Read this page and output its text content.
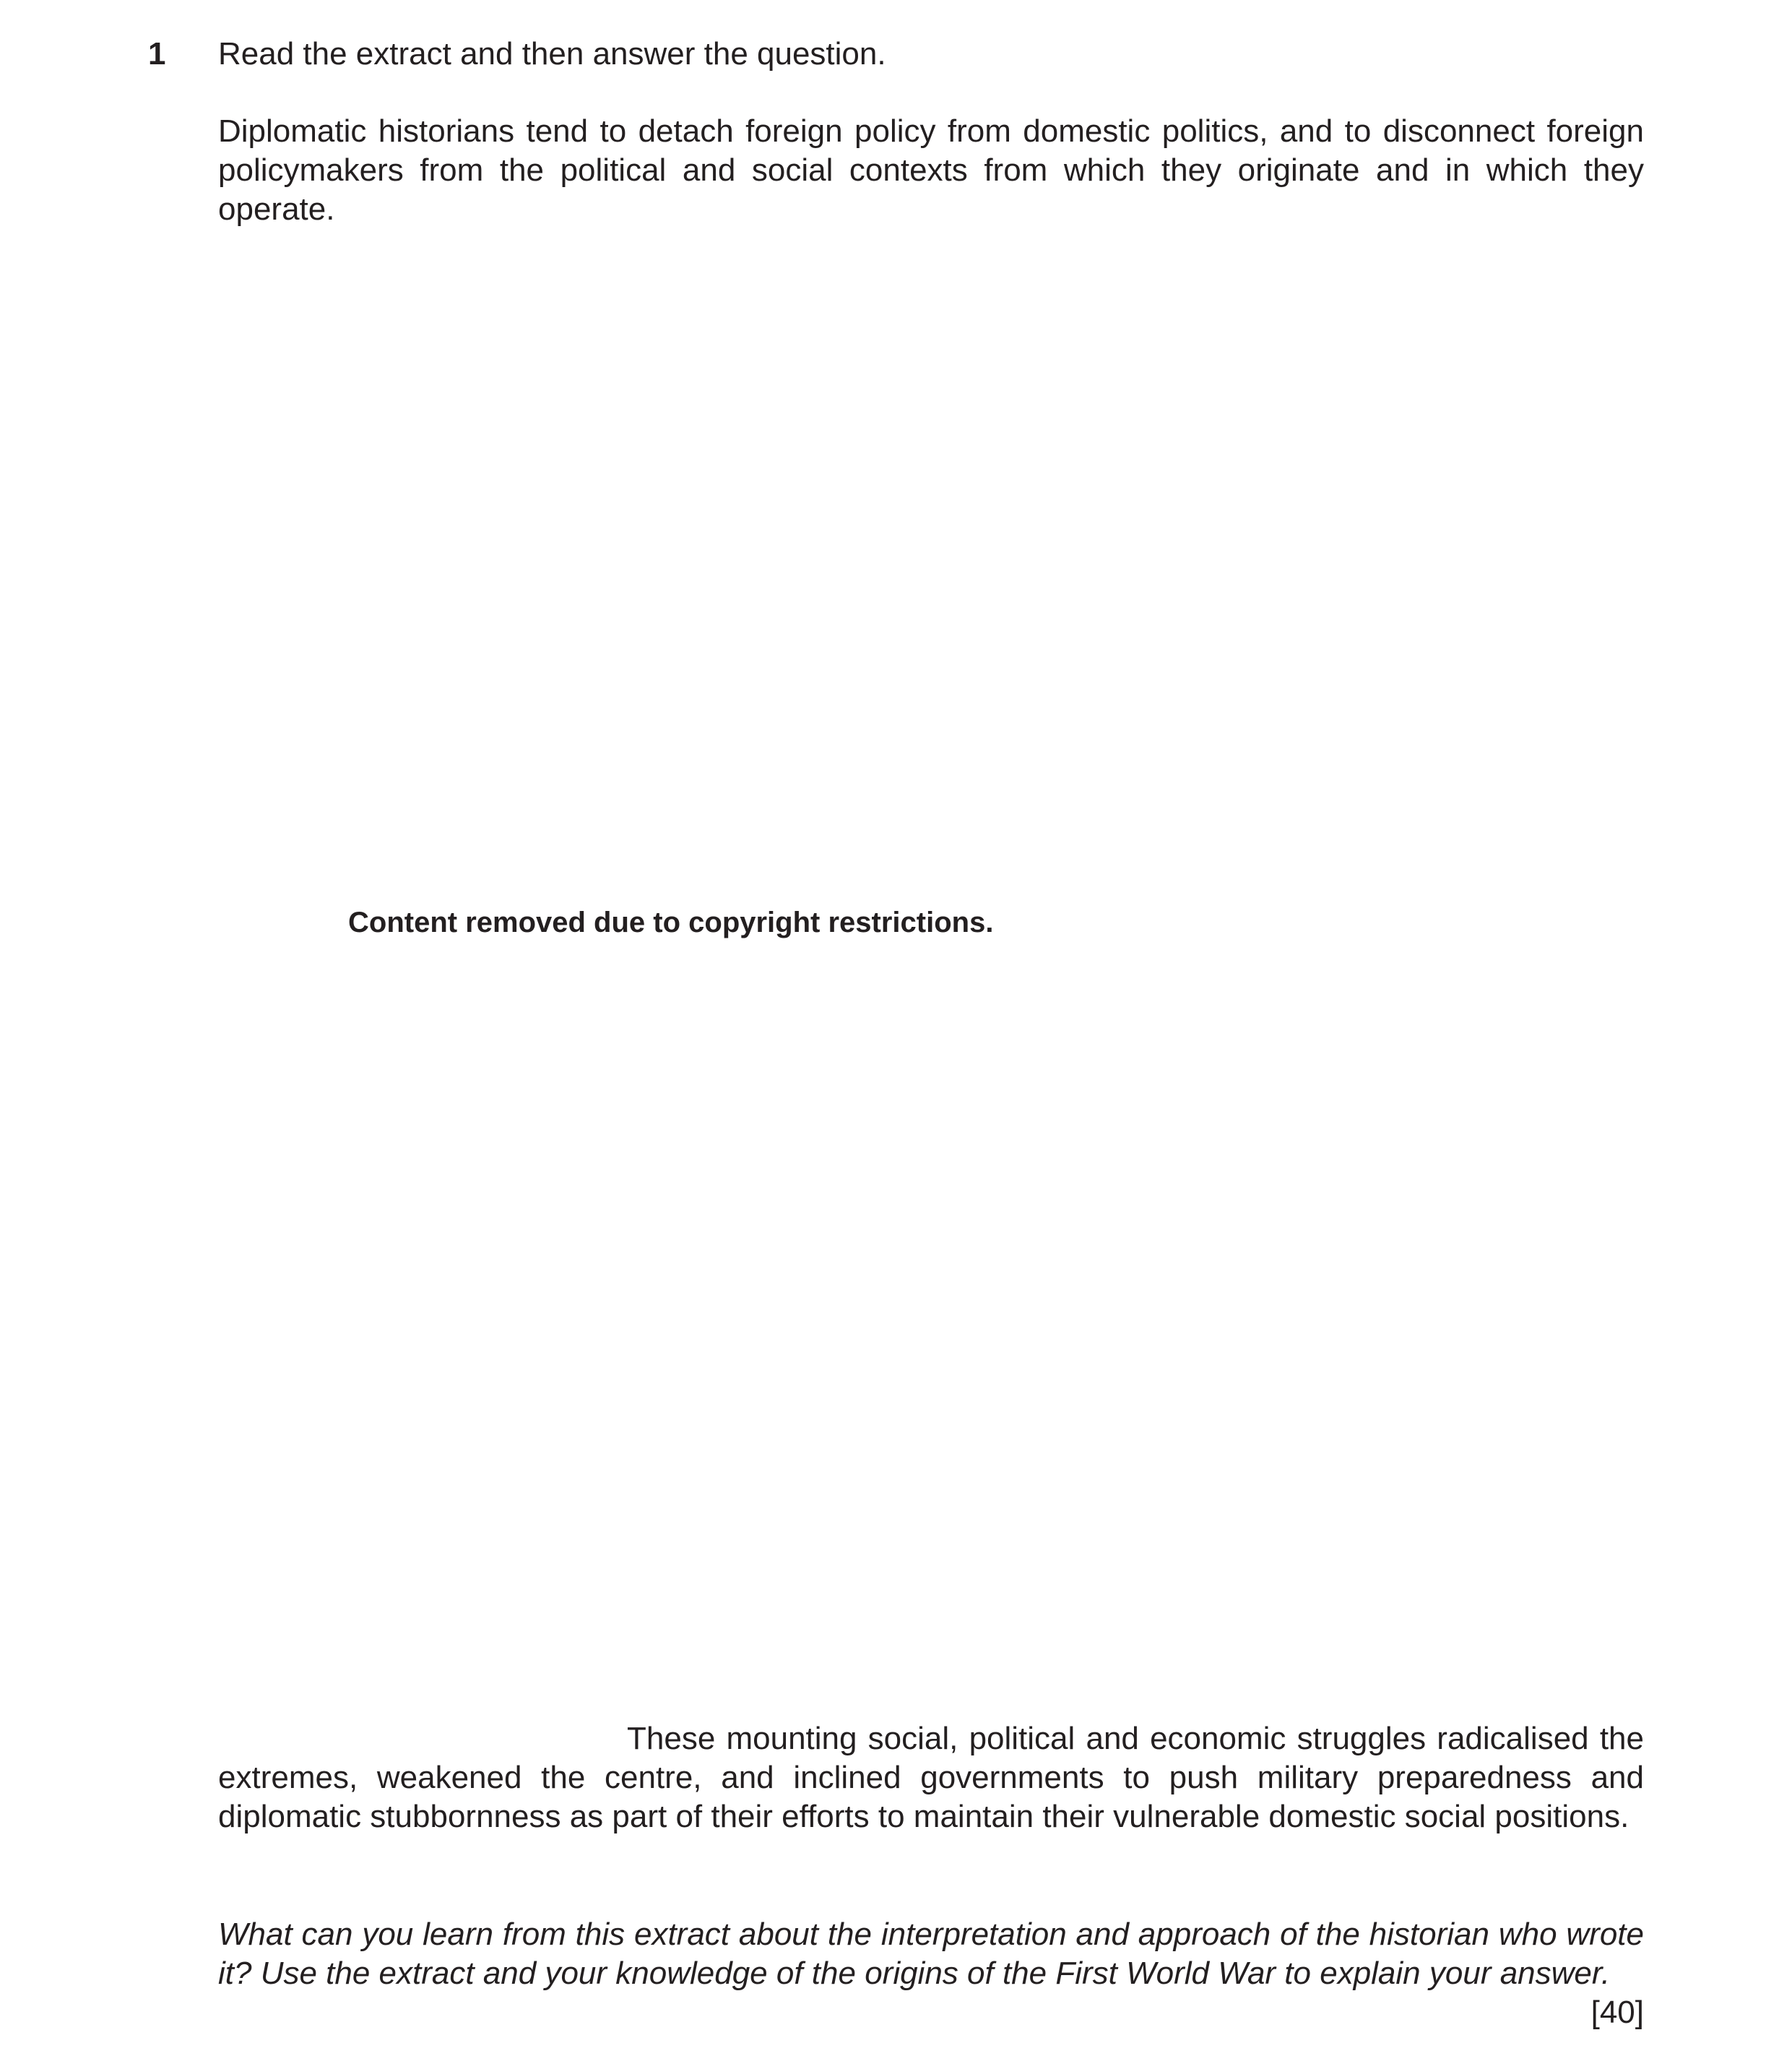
1 Read the extract and then answer the question.
Diplomatic historians tend to detach foreign policy from domestic politics, and to disconnect foreign policymakers from the political and social contexts from which they originate and in which they operate.
Content removed due to copyright restrictions.
These mounting social, political and economic struggles radicalised the extremes, weakened the centre, and inclined governments to push military preparedness and diplomatic stubbornness as part of their efforts to maintain their vulnerable domestic social positions.
What can you learn from this extract about the interpretation and approach of the historian who wrote it? Use the extract and your knowledge of the origins of the First World War to explain your answer.
[40]
